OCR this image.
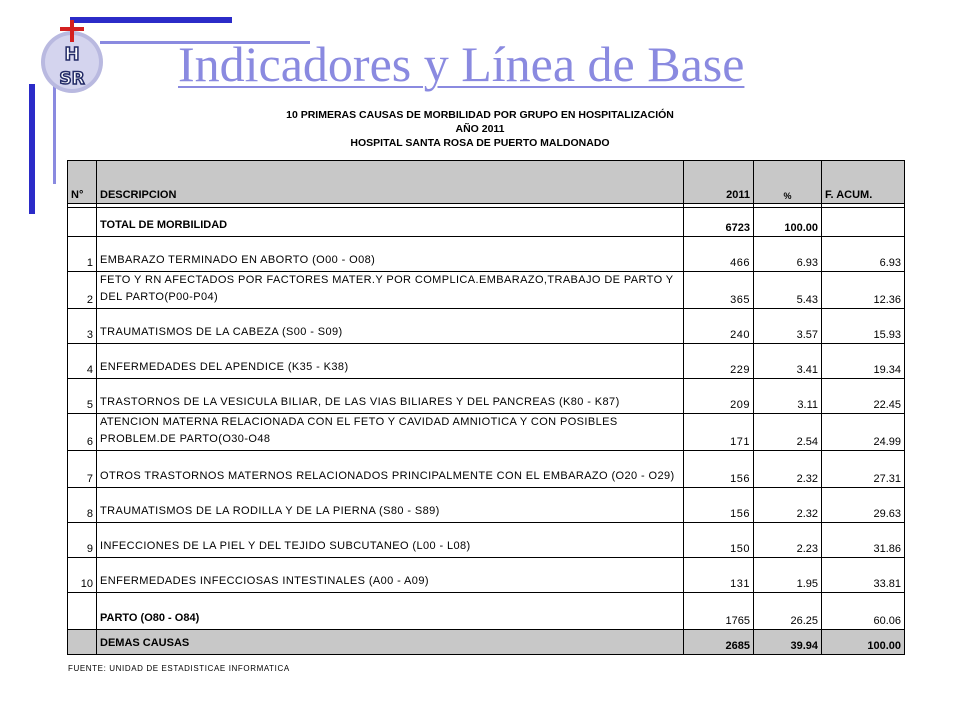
H
SR Indicadores y Línea de Base
10 PRIMERAS CAUSAS DE MORBILIDAD POR GRUPO EN HOSPITALIZACIÓN
AÑO 2011
HOSPITAL SANTA ROSA DE PUERTO MALDONADO
N°	DESCRIPCION	2011	%	F. ACUM.

	TOTAL DE MORBILIDAD	6723	100.00	
1	EMBARAZO TERMINADO EN ABORTO (O00 - O08)	466	6.93	6.93
2	FETO Y RN AFECTADOS POR FACTORES MATER.Y POR COMPLICA.EMBARAZO,TRABAJO DE PARTO Y DEL PARTO(P00-P04)	365	5.43	12.36
3	TRAUMATISMOS DE LA CABEZA (S00 - S09)	240	3.57	15.93
4	ENFERMEDADES DEL APENDICE (K35 - K38)	229	3.41	19.34
5	TRASTORNOS DE LA VESICULA BILIAR, DE LAS VIAS BILIARES Y DEL PANCREAS (K80 - K87)	209	3.11	22.45
6	ATENCION MATERNA RELACIONADA CON EL FETO Y CAVIDAD AMNIOTICA Y CON POSIBLES PROBLEM.DE PARTO(O30-O48	171	2.54	24.99
7	OTROS TRASTORNOS MATERNOS RELACIONADOS PRINCIPALMENTE CON EL EMBARAZO (O20 - O29)	156	2.32	27.31
8	TRAUMATISMOS DE LA RODILLA Y DE LA PIERNA (S80 - S89)	156	2.32	29.63
9	INFECCIONES DE LA PIEL Y DEL TEJIDO SUBCUTANEO (L00 - L08)	150	2.23	31.86
10	ENFERMEDADES INFECCIOSAS INTESTINALES (A00 - A09)	131	1.95	33.81
	PARTO (O80 - O84)	1765	26.25	60.06
	DEMAS CAUSAS	2685	39.94	100.00
FUENTE: UNIDAD DE ESTADISTICAE INFORMATICA
